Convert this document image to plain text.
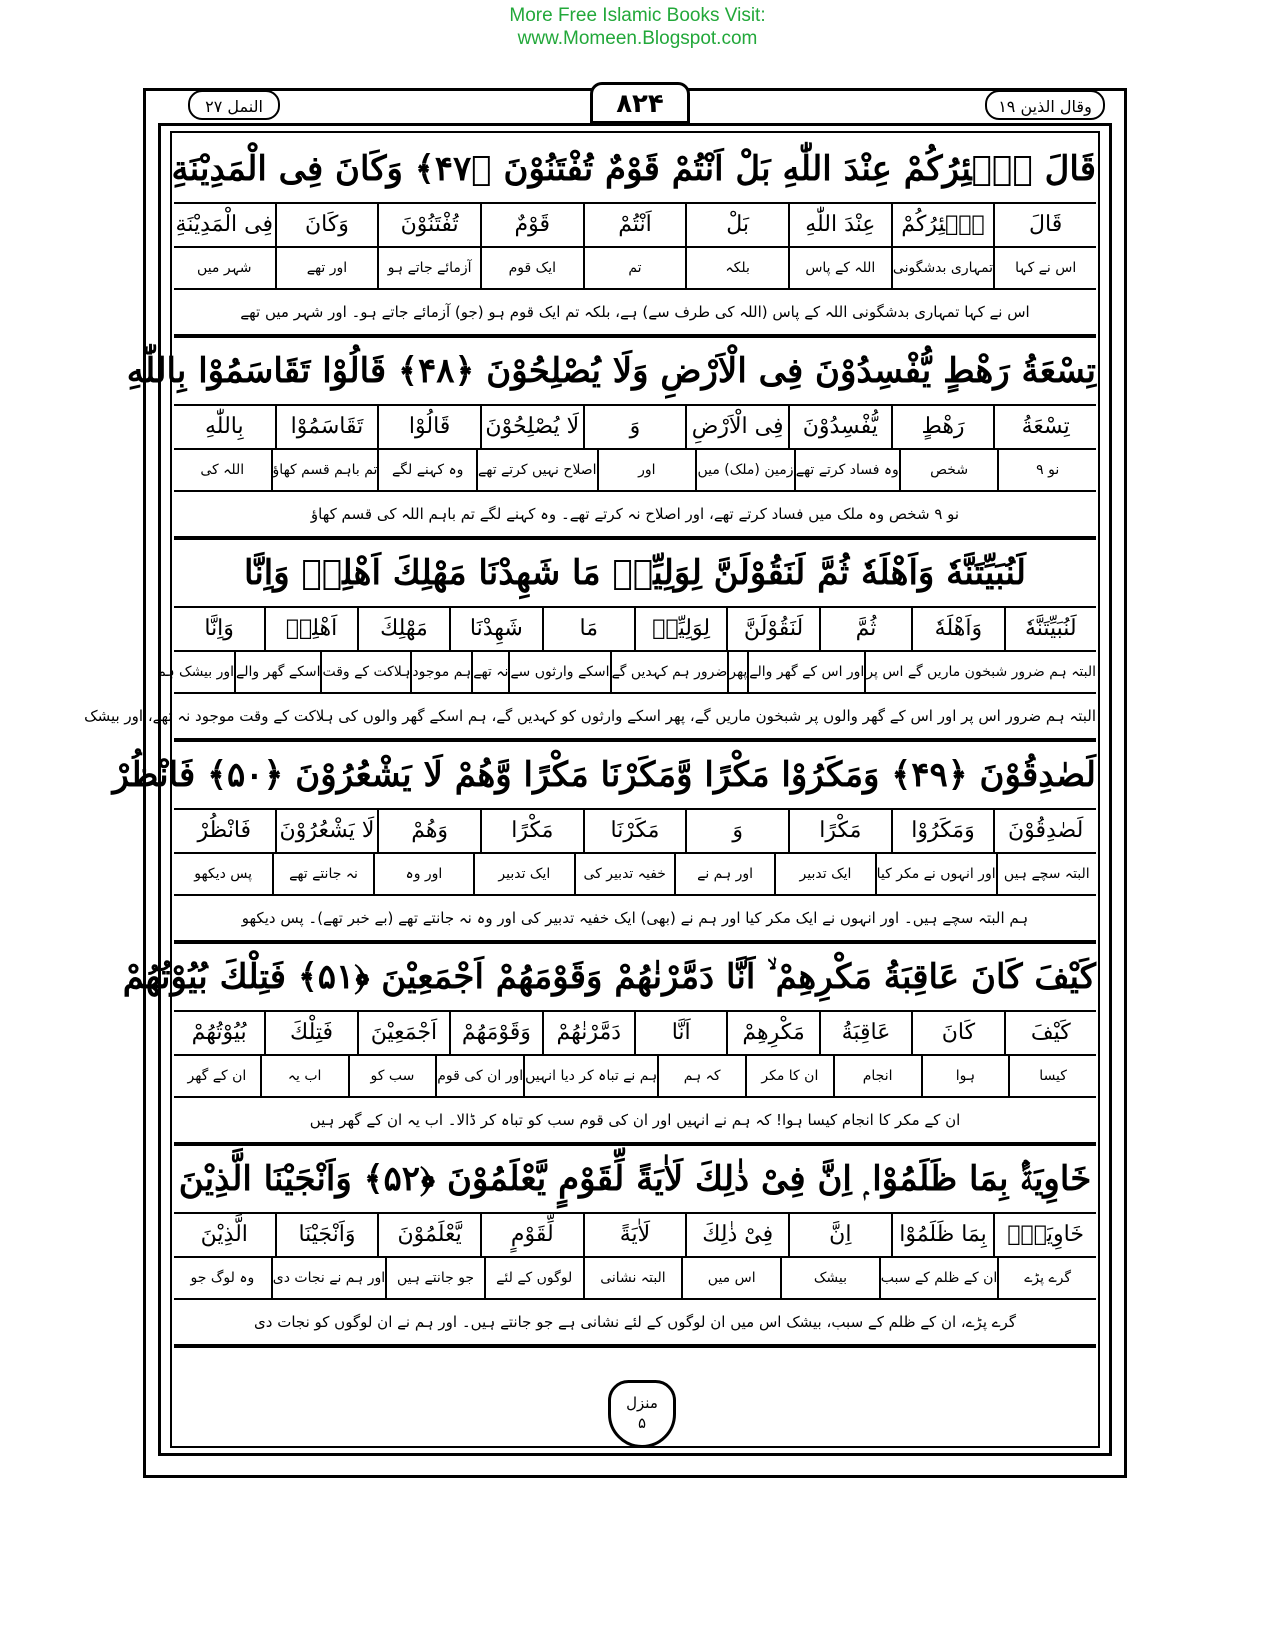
More Free Islamic Books Visit:
www.Momeen.Blogspot.com
النمل ۲۷	۸۲۴	وقال الذين ۱۹
قَالَ طٰۤئِرُكُمْ عِنْدَ اللّٰهِ بَلْ اَنْتُمْ قَوْمٌ تُفْتَنُوْنَ ﴿۴۷﴾ وَكَانَ فِى الْمَدِيْنَةِ
قَالَ
طٰۤئِرُكُمْ
عِنْدَ اللّٰهِ
بَلْ
اَنْتُمْ
قَوْمٌ
تُفْتَنُوْنَ
وَكَانَ
فِى الْمَدِيْنَةِ
اس نے کہا
تمہاری بدشگونی
اللہ کے پاس
بلکہ
تم
ایک قوم
آزمائے جاتے ہو
اور تھے
شہر میں
اس نے کہا تمہاری بدشگونی اللہ کے پاس (اللہ کی طرف سے) ہے، بلکہ تم ایک قوم ہو (جو) آزمائے جاتے ہو۔ اور شہر میں تھے
تِسْعَةُ رَهْطٍ يُّفْسِدُوْنَ فِى الْاَرْضِ وَلَا يُصْلِحُوْنَ ﴿۴۸﴾ قَالُوْا تَقَاسَمُوْا بِاللّٰهِ
تِسْعَةُ
رَهْطٍ
يُّفْسِدُوْنَ
فِى الْاَرْضِ
وَ
لَا يُصْلِحُوْنَ
قَالُوْا
تَقَاسَمُوْا
بِاللّٰهِ
نو ۹
شخص
وہ فساد کرتے تھے
زمین (ملک) میں
اور
اصلاح نہیں کرتے تھے
وہ کہنے لگے
تم باہم قسم کھاؤ
اللہ کی
نو ۹ شخص وہ ملک میں فساد کرتے تھے، اور اصلاح نہ کرتے تھے۔ وہ کہنے لگے تم باہم اللہ کی قسم کھاؤ
لَنُبَيِّتَنَّهٗ وَاَهْلَهٗ ثُمَّ لَنَقُوْلَنَّ لِوَلِيِّهٖ مَا شَهِدْنَا مَهْلِكَ اَهْلِهٖ وَاِنَّا
لَنُبَيِّتَنَّهٗ
وَاَهْلَهٗ
ثُمَّ
لَنَقُوْلَنَّ
لِوَلِيِّهٖ
مَا
شَهِدْنَا
مَهْلِكَ
اَهْلِهٖ
وَاِنَّا
البتہ ہم ضرور شبخون ماریں گے اس پر
اور اس کے گھر والے
پھر
ضرور ہم کہدیں گے
اسکے وارثوں سے
نہ تھے
ہم موجود
ہلاکت کے وقت
اسکے گھر والے
اور بیشک ہم
البتہ ہم ضرور اس پر اور اس کے گھر والوں پر شبخون ماریں گے، پھر اسکے وارثوں کو کہدیں گے، ہم اسکے گھر والوں کی ہلاکت کے وقت موجود نہ تھے، اور بیشک
لَصٰدِقُوْنَ ﴿۴۹﴾ وَمَكَرُوْا مَكْرًا وَّمَكَرْنَا مَكْرًا وَّهُمْ لَا يَشْعُرُوْنَ ﴿۵۰﴾ فَانْظُرْ
لَصٰدِقُوْنَ
وَمَكَرُوْا
مَكْرًا
وَ
مَكَرْنَا
مَكْرًا
وَهُمْ
لَا يَشْعُرُوْنَ
فَانْظُرْ
البتہ سچے ہیں
اور انہوں نے مکر کیا
ایک تدبیر
اور ہم نے
خفیہ تدبیر کی
ایک تدبیر
اور وہ
نہ جانتے تھے
پس دیکھو
ہم البتہ سچے ہیں۔ اور انہوں نے ایک مکر کیا اور ہم نے (بھی) ایک خفیہ تدبیر کی اور وہ نہ جانتے تھے (بے خبر تھے)۔ پس دیکھو
كَيْفَ كَانَ عَاقِبَةُ مَكْرِهِمْ ۙ اَنَّا دَمَّرْنٰهُمْ وَقَوْمَهُمْ اَجْمَعِيْنَ ﴿۵۱﴾ فَتِلْكَ بُيُوْتُهُمْ
كَيْفَ
كَانَ
عَاقِبَةُ
مَكْرِهِمْ
اَنَّا
دَمَّرْنٰهُمْ
وَقَوْمَهُمْ
اَجْمَعِيْنَ
فَتِلْكَ
بُيُوْتُهُمْ
کیسا
ہوا
انجام
ان کا مکر
کہ ہم
ہم نے تباہ کر دیا انہیں
اور ان کی قوم
سب کو
اب یہ
ان کے گھر
ان کے مکر کا انجام کیسا ہوا! کہ ہم نے انہیں اور ان کی قوم سب کو تباہ کر ڈالا۔ اب یہ ان کے گھر ہیں
خَاوِيَةًۢ بِمَا ظَلَمُوْا ۭ اِنَّ فِىْ ذٰلِكَ لَاٰيَةً لِّقَوْمٍ يَّعْلَمُوْنَ ﴿۵۲﴾ وَاَنْجَيْنَا الَّذِيْنَ
خَاوِيَةًۢ
بِمَا ظَلَمُوْا
اِنَّ
فِىْ ذٰلِكَ
لَاٰيَةً
لِّقَوْمٍ
يَّعْلَمُوْنَ
وَاَنْجَيْنَا
الَّذِيْنَ
گرے پڑے
ان کے ظلم کے سبب
بیشک
اس میں
البتہ نشانی
لوگوں کے لئے
جو جانتے ہیں
اور ہم نے نجات دی
وہ لوگ جو
گرے پڑے، ان کے ظلم کے سبب، بیشک اس میں ان لوگوں کے لئے نشانی ہے جو جانتے ہیں۔ اور ہم نے ان لوگوں کو نجات دی
منزل
۵
